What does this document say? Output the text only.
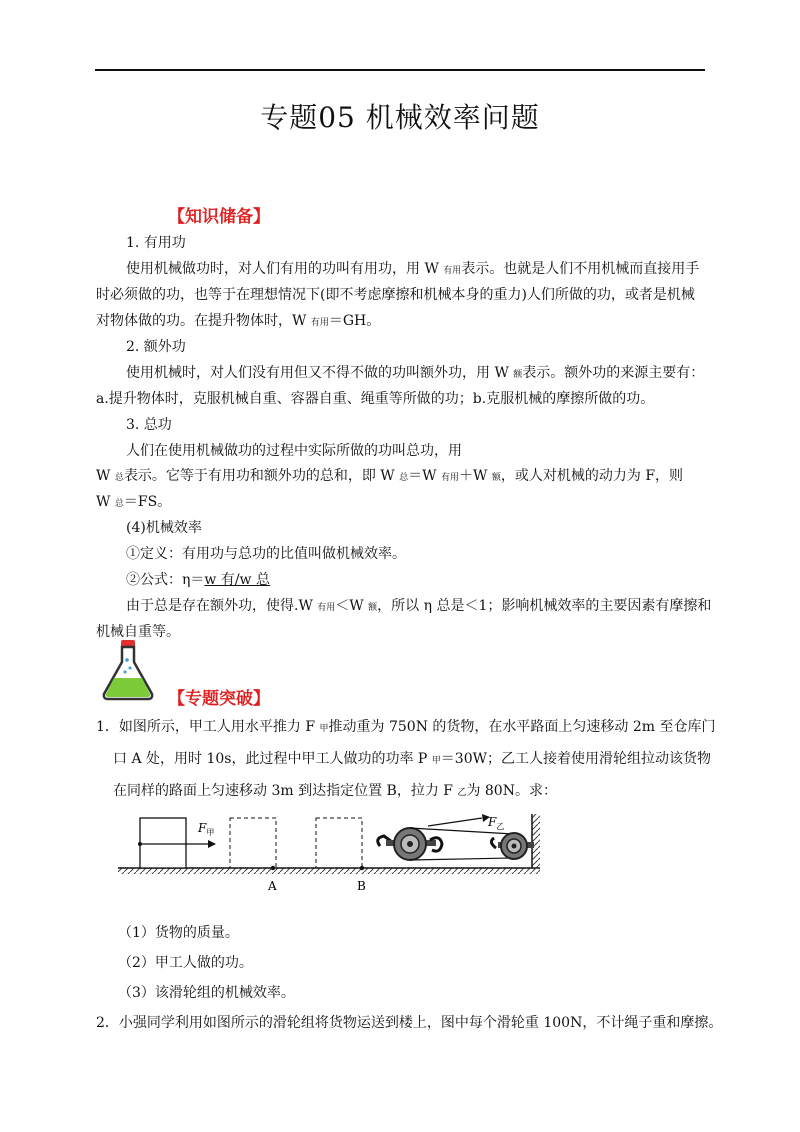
专题05 机械效率问题
【知识储备】
1. 有用功
使用机械做功时，对人们有用的功叫有用功，用 W 有用表示。也就是人们不用机械而直接用手
时必须做的功，也等于在理想情况下(即不考虑摩擦和机械本身的重力)人们所做的功，或者是机械
对物体做的功。在提升物体时，W 有用＝GH。
2. 额外功
使用机械时，对人们没有用但又不得不做的功叫额外功，用 W 额表示。额外功的来源主要有：
a.提升物体时，克服机械自重、容器自重、绳重等所做的功；b.克服机械的摩擦所做的功。
3. 总功
人们在使用机械做功的过程中实际所做的功叫总功，用
W 总表示。它等于有用功和额外功的总和，即 W 总＝W 有用＋W 额，或人对机械的动力为 F，则
W 总＝FS。
(4)机械效率
①定义：有用功与总功的比值叫做机械效率。
②公式：η＝w 有/w 总
由于总是存在额外功，使得.W 有用＜W 额，所以 η 总是＜1；影响机械效率的主要因素有摩擦和
机械自重等。
【专题突破】
1．如图所示，甲工人用水平推力 F 甲推动重为 750N 的货物，在水平路面上匀速移动 2m 至仓库门
口 A 处，用时 10s，此过程中甲工人做功的功率 P 甲＝30W；乙工人接着使用滑轮组拉动该货物
在同样的路面上匀速移动 3m 到达指定位置 B，拉力 F 乙为 80N。求：
$F_甲$
A	B
$F_乙$
（1）货物的质量。
（2）甲工人做的功。
（3）该滑轮组的机械效率。
2．小强同学利用如图所示的滑轮组将货物运送到楼上，图中每个滑轮重 100N，不计绳子重和摩擦。
